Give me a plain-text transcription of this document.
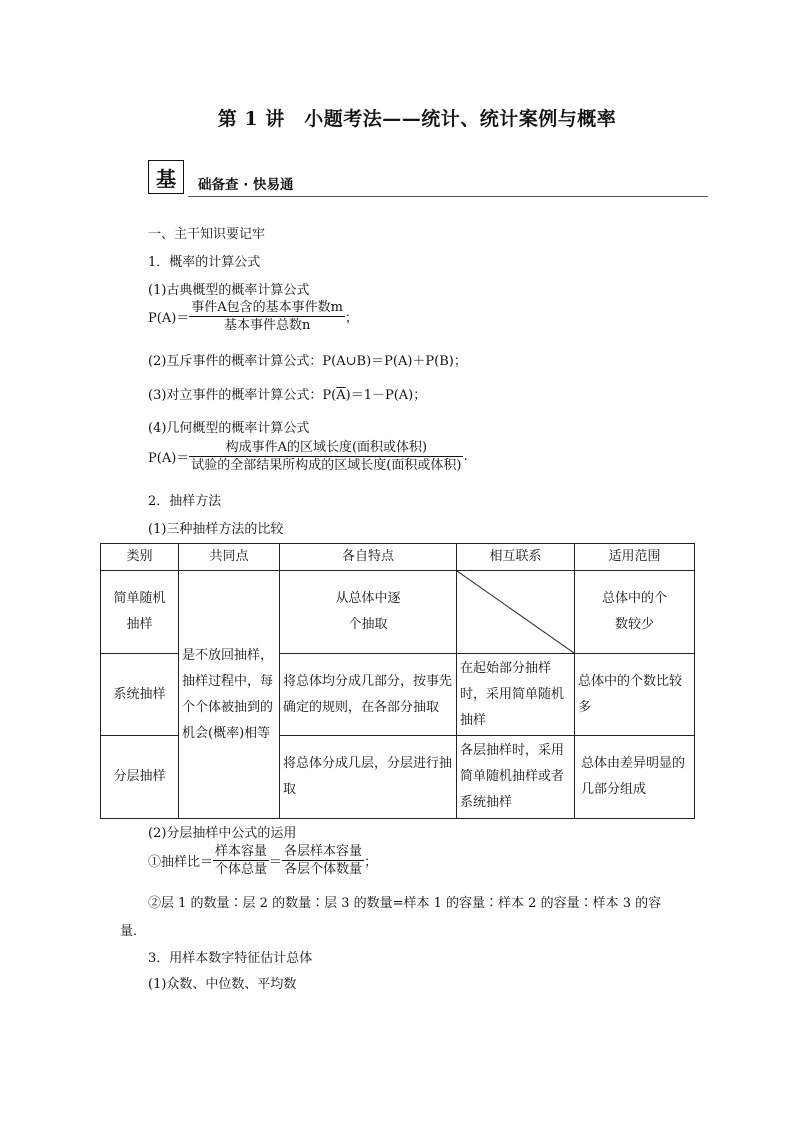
第 1 讲　小题考法——统计、统计案例与概率
基	础备查 · 快易通
一、主干知识要记牢
1．概率的计算公式
(1)古典概型的概率计算公式
$P(A)= \frac{\text{事件A包含的基本事件数m}}{\text{基本事件总数n}}$ ；
(2)互斥事件的概率计算公式：P(A∪B)＝P(A)＋P(B)；
(3)对立事件的概率计算公式：$P(\overline{A})=1-P(A)$；
(4)几何概型的概率计算公式
$P(A)= \frac{\text{构成事件A的区域长度(面积或体积)}}{\text{试验的全部结果所构成的区域长度(面积或体积)}}$ .
2．抽样方法
(1)三种抽样方法的比较
类别	共同点	各自特点	相互联系	适用范围
简单随机抽样	是不放回抽样，抽样过程中，每个个体被抽到的机会(概率)相等	从总体中逐个抽取		总体中的个数较少
系统抽样		将总体均分成几部分，按事先确定的规则，在各部分抽取	在起始部分抽样时，采用简单随机抽样	总体中的个数比较多
分层抽样		将总体分成几层，分层进行抽取	各层抽样时，采用简单随机抽样或者系统抽样	总体由差异明显的几部分组成
(2)分层抽样中公式的运用
①抽样比＝ $\frac{\text{样本容量}}{\text{个体总量}} = \frac{\text{各层样本容量}}{\text{各层个体数量}}$ ；
②层 1 的数量∶层 2 的数量∶层 3 的数量=样本 1 的容量∶样本 2 的容量∶样本 3 的容
量．
3．用样本数字特征估计总体
(1)众数、中位数、平均数
